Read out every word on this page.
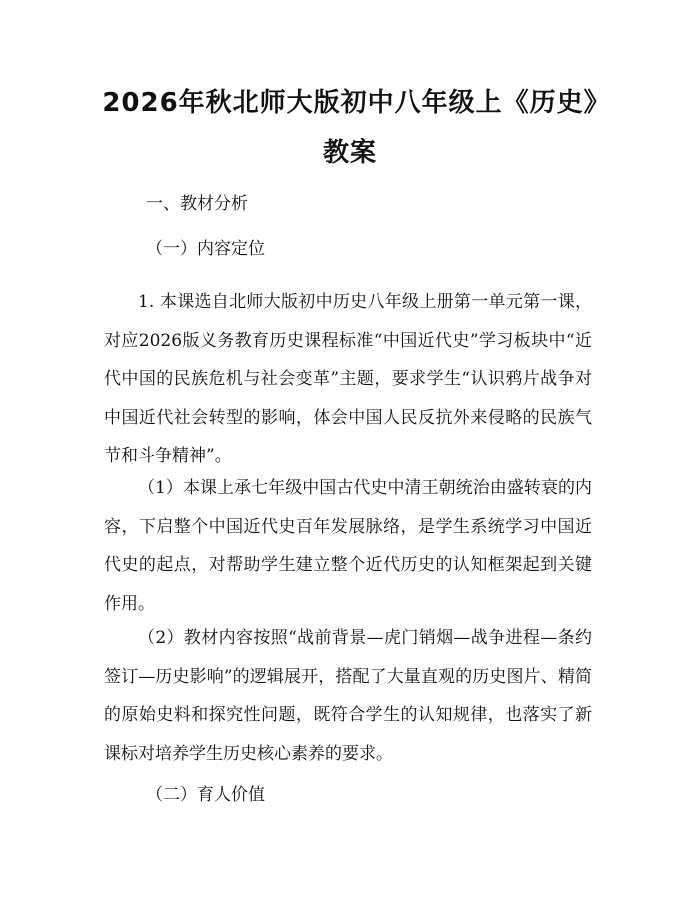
2026年秋北师大版初中八年级上《历史》教案

一、教材分析

（一）内容定位

1. 本课选自北师大版初中历史八年级上册第一单元第一课，对应2026版义务教育历史课程标准“中国近代史”学习板块中“近代中国的民族危机与社会变革”主题，要求学生“认识鸦片战争对中国近代社会转型的影响，体会中国人民反抗外来侵略的民族气节和斗争精神”。

（1）本课上承七年级中国古代史中清王朝统治由盛转衰的内容，下启整个中国近代史百年发展脉络，是学生系统学习中国近代史的起点，对帮助学生建立整个近代历史的认知框架起到关键作用。

（2）教材内容按照“战前背景—虎门销烟—战争进程—条约签订—历史影响”的逻辑展开，搭配了大量直观的历史图片、精简的原始史料和探究性问题，既符合学生的认知规律，也落实了新课标对培养学生历史核心素养的要求。

（二）育人价值
